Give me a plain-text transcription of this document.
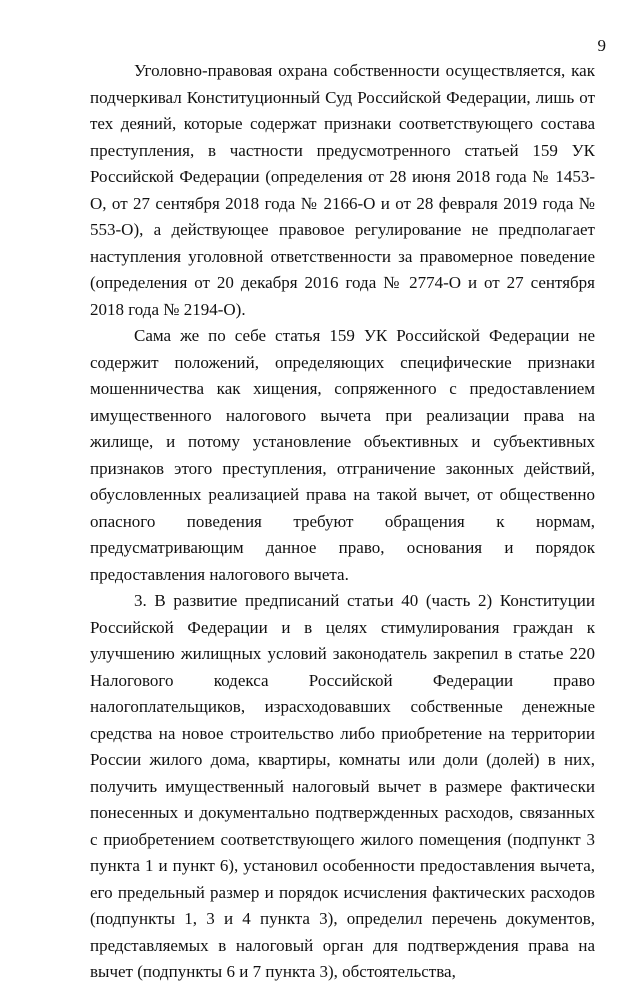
9

Уголовно-правовая охрана собственности осуществляется, как подчеркивал Конституционный Суд Российской Федерации, лишь от тех деяний, которые содержат признаки соответствующего состава преступления, в частности предусмотренного статьей 159 УК Российской Федерации (определения от 28 июня 2018 года № 1453-О, от 27 сентября 2018 года № 2166-О и от 28 февраля 2019 года № 553-О), а действующее правовое регулирование не предполагает наступления уголовной ответственности за правомерное поведение (определения от 20 декабря 2016 года № 2774-О и от 27 сентября 2018 года № 2194-О).

Сама же по себе статья 159 УК Российской Федерации не содержит положений, определяющих специфические признаки мошенничества как хищения, сопряженного с предоставлением имущественного налогового вычета при реализации права на жилище, и потому установление объективных и субъективных признаков этого преступления, отграничение законных действий, обусловленных реализацией права на такой вычет, от общественно опасного поведения требуют обращения к нормам, предусматривающим данное право, основания и порядок предоставления налогового вычета.

3. В развитие предписаний статьи 40 (часть 2) Конституции Российской Федерации и в целях стимулирования граждан к улучшению жилищных условий законодатель закрепил в статье 220 Налогового кодекса Российской Федерации право налогоплательщиков, израсходовавших собственные денежные средства на новое строительство либо приобретение на территории России жилого дома, квартиры, комнаты или доли (долей) в них, получить имущественный налоговый вычет в размере фактически понесенных и документально подтвержденных расходов, связанных с приобретением соответствующего жилого помещения (подпункт 3 пункта 1 и пункт 6), установил особенности предоставления вычета, его предельный размер и порядок исчисления фактических расходов (подпункты 1, 3 и 4 пункта 3), определил перечень документов, представляемых в налоговый орган для подтверждения права на вычет (подпункты 6 и 7 пункта 3), обстоятельства,
